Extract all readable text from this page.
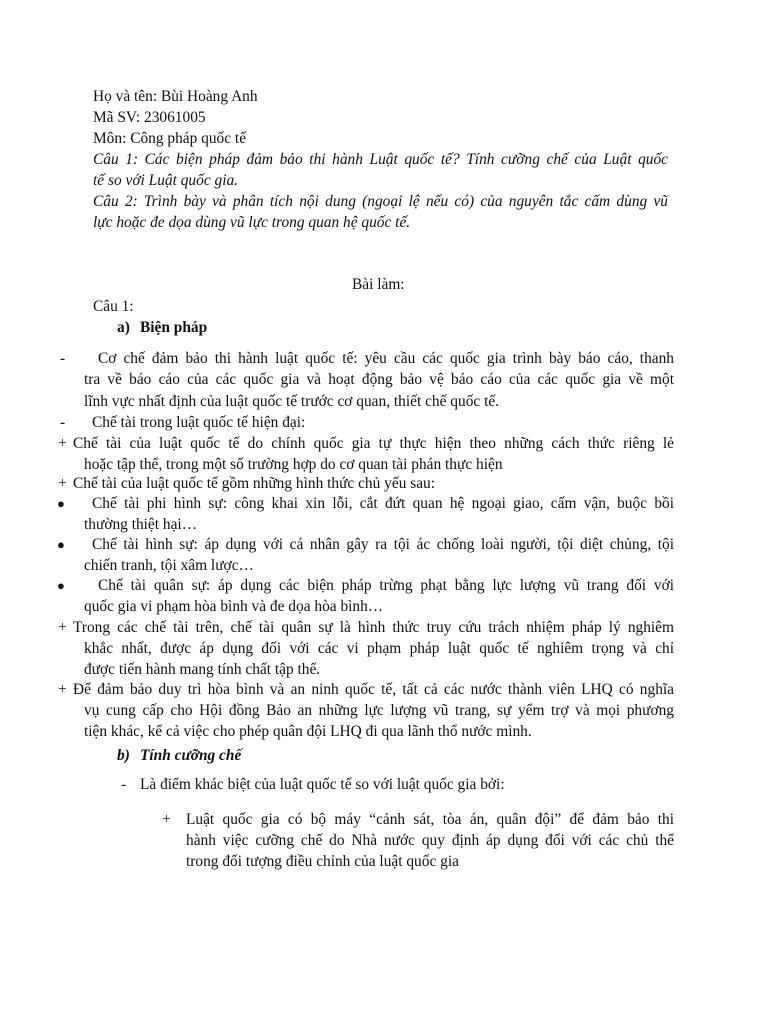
Họ và tên: Bùi Hoàng Anh
Mã SV: 23061005
Môn: Công pháp quốc tế
Câu 1: Các biện pháp đảm bảo thi hành Luật quốc tế? Tính cưỡng chế của Luật quốc
tế so với Luật quốc gia.
Câu 2: Trình bày và phân tích nội dung (ngoại lệ nếu có) của nguyên tắc cấm dùng vũ
lực hoặc đe dọa dùng vũ lực trong quan hệ quốc tế.
Bài làm:
Câu 1:
a) Biện pháp
- Cơ chế đảm bảo thi hành luật quốc tế: yêu cầu các quốc gia trình bày báo cáo, thanh
tra về báo cáo của các quốc gia và hoạt động bảo vệ báo cáo của các quốc gia về một
lĩnh vực nhất định của luật quốc tế trước cơ quan, thiết chế quốc tế.
- Chế tài trong luật quốc tế hiện đại:
+ Chế tài của luật quốc tế do chính quốc gia tự thực hiện theo những cách thức riêng lẻ
hoặc tập thể, trong một số trường hợp do cơ quan tài phán thực hiện
+ Chế tài của luật quốc tế gồm những hình thức chủ yếu sau:
● Chế tài phi hình sự: công khai xin lỗi, cắt đứt quan hệ ngoại giao, cấm vận, buộc bồi
thường thiệt hại…
● Chế tài hình sự: áp dụng với cá nhân gây ra tội ác chống loài người, tội diệt chủng, tội
chiến tranh, tội xâm lược…
● Chế tài quân sự: áp dụng các biện pháp trừng phạt bằng lực lượng vũ trang đối với
quốc gia vi phạm hòa bình và đe dọa hòa bình…
+ Trong các chế tài trên, chế tài quân sự là hình thức truy cứu trách nhiệm pháp lý nghiêm
khắc nhất, được áp dụng đối với các vi phạm pháp luật quốc tế nghiêm trọng và chỉ
được tiến hành mang tính chất tập thể.
+ Để đảm bảo duy trì hòa bình và an ninh quốc tế, tất cả các nước thành viên LHQ có nghĩa
vụ cung cấp cho Hội đồng Bảo an những lực lượng vũ trang, sự yểm trợ và mọi phương
tiện khác, kể cả việc cho phép quân đội LHQ đi qua lãnh thổ nước mình.
b) Tính cưỡng chế
- Là điểm khác biệt của luật quốc tế so với luật quốc gia bởi:
+ Luật quốc gia có bộ máy “cảnh sát, tòa án, quân đội” để đảm bảo thi
hành việc cưỡng chế do Nhà nước quy định áp dụng đối với các chủ thể
trong đối tượng điều chỉnh của luật quốc gia
